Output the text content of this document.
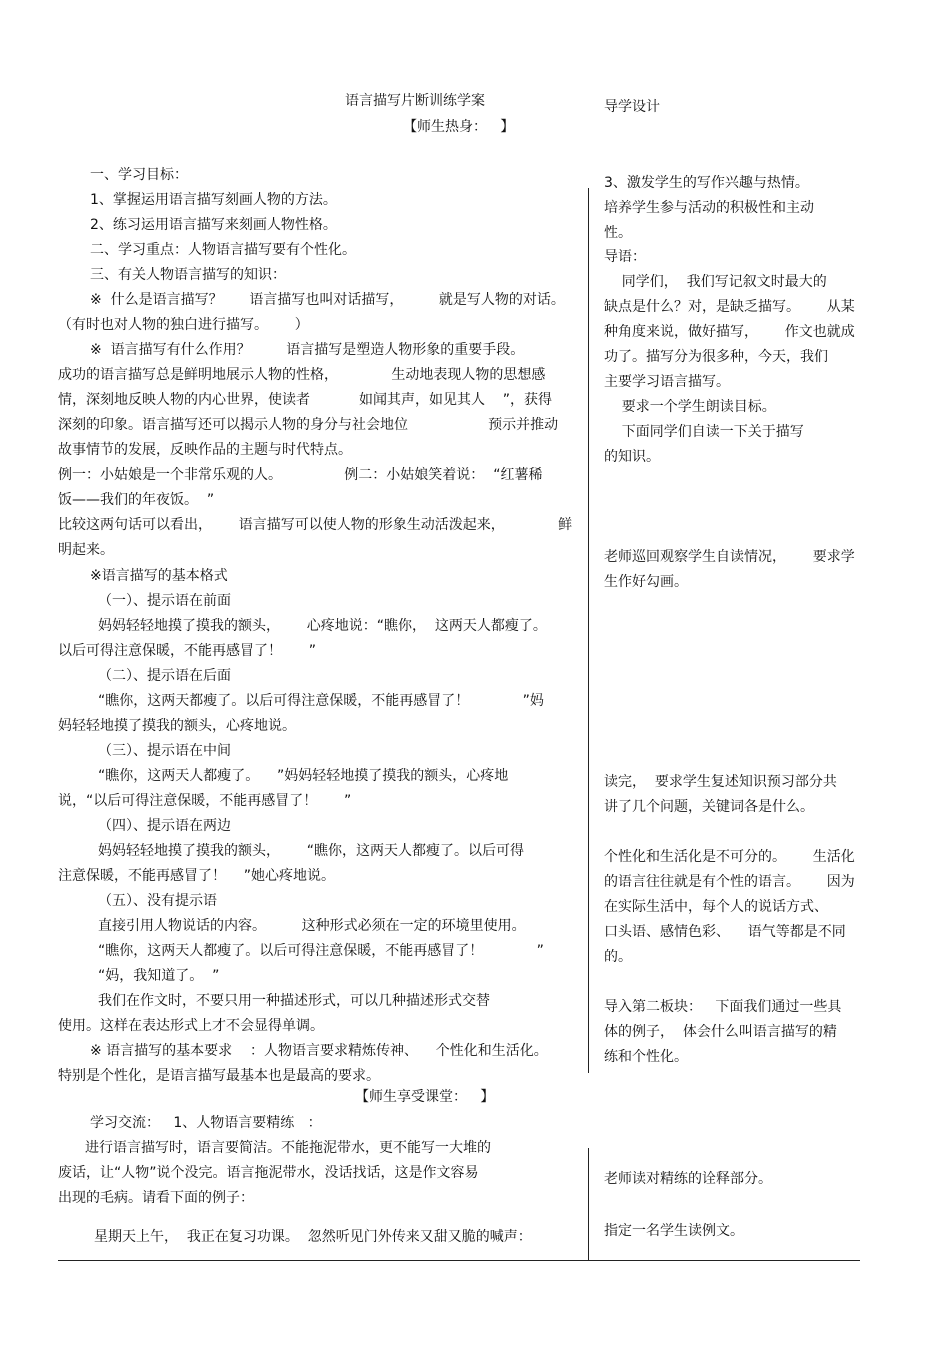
语言描写片断训练学案	导学设计
【师生热身：   】
【师生享受课堂：   】
一、学习目标：
1、掌握运用语言描写刻画人物的方法。
2、练习运用语言描写来刻画人物性格。
二、学习重点：人物语言描写要有个性化。
三、有关人物语言描写的知识：
※  什么是语言描写？      语言描写也叫对话描写，        就是写人物的对话。
（有时也对人物的独白进行描写。      ）
※  语言描写有什么作用？        语言描写是塑造人物形象的重要手段。
成功的语言描写总是鲜明地展示人物的性格，            生动地表现人物的思想感
情，深刻地反映人物的内心世界，使读者           如闻其声，如见其人    ”，获得
深刻的印象。语言描写还可以揭示人物的身分与社会地位                  预示并推动
故事情节的发展，反映作品的主题与时代特点。
例一：小姑娘是一个非常乐观的人。              例二：小姑娘笑着说：  “红薯稀
饭——我们的年夜饭。  ”
比较这两句话可以看出，      语言描写可以使人物的形象生动活泼起来，            鲜
明起来。
※语言描写的基本格式
（一）、提示语在前面
妈妈轻轻地摸了摸我的额头，      心疼地说：“瞧你，  这两天人都瘦了。
以后可得注意保暖，不能再感冒了！      ”
（二）、提示语在后面
“瞧你，这两天都瘦了。以后可得注意保暖，不能再感冒了！            ”妈
妈轻轻地摸了摸我的额头，心疼地说。
（三）、提示语在中间
“瞧你，这两天人都瘦了。    ”妈妈轻轻地摸了摸我的额头，心疼地
说，“以后可得注意保暖，不能再感冒了！      ”
（四）、提示语在两边
妈妈轻轻地摸了摸我的额头，      “瞧你，这两天人都瘦了。以后可得
注意保暖，不能再感冒了！    ”她心疼地说。
（五）、没有提示语
直接引用人物说话的内容。        这种形式必须在一定的环境里使用。
“瞧你，这两天人都瘦了。以后可得注意保暖，不能再感冒了！            ”
“妈，我知道了。  ”
我们在作文时，不要只用一种描述形式，可以几种描述形式交替
使用。这样在表达形式上才不会显得单调。
※ 语言描写的基本要求    ：人物语言要求精炼传神、    个性化和生活化。
特别是个性化，是语言描写最基本也是最高的要求。
学习交流：   1、人物语言要精练   ：
进行语言描写时，语言要简洁。不能拖泥带水，更不能写一大堆的
废话，让“人物”说个没完。语言拖泥带水，没话找话，这是作文容易
出现的毛病。请看下面的例子：
星期天上午，  我正在复习功课。  忽然听见门外传来又甜又脆的喊声：
3、激发学生的写作兴趣与热情。
培养学生参与活动的积极性和主动
性。
导语：
同学们，  我们写记叙文时最大的
缺点是什么？对，是缺乏描写。      从某
种角度来说，做好描写，      作文也就成
功了。描写分为很多种，今天，我们
主要学习语言描写。
要求一个学生朗读目标。
下面同学们自读一下关于描写
的知识。
老师巡回观察学生自读情况，      要求学
生作好勾画。
读完，  要求学生复述知识预习部分共
讲了几个问题，关键词各是什么。
个性化和生活化是不可分的。      生活化
的语言往往就是有个性的语言。      因为
在实际生活中，每个人的说话方式、
口头语、感情色彩、    语气等都是不同
的。
导入第二板块：   下面我们通过一些具
体的例子，  体会什么叫语言描写的精
练和个性化。
老师读对精练的诠释部分。
指定一名学生读例文。
